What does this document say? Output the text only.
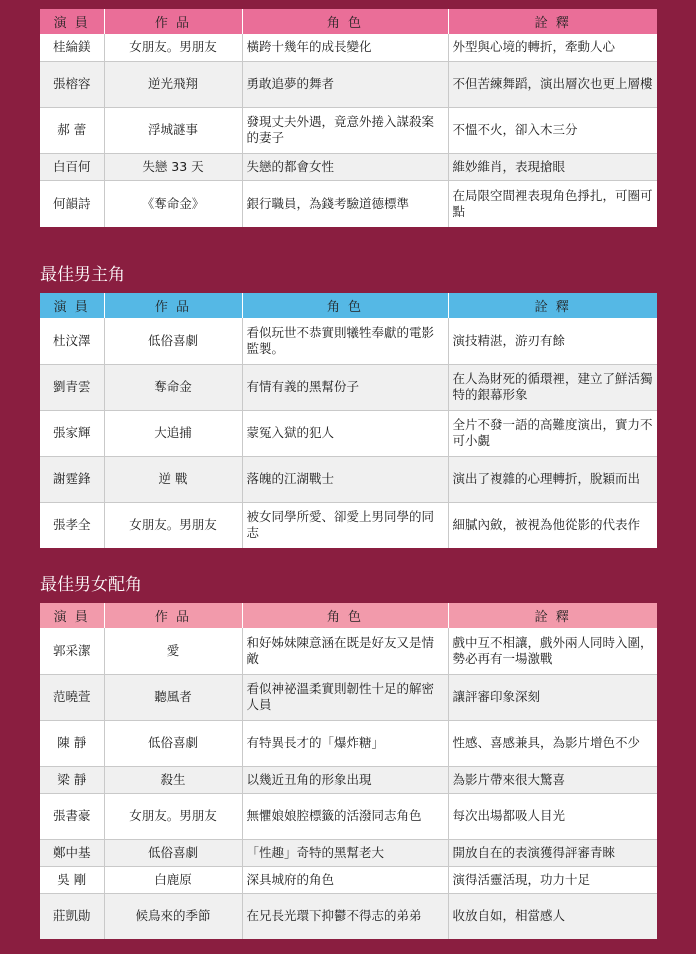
演 員	作 品	角 色	詮 釋
桂綸鎂	女朋友。男朋友	橫跨十幾年的成長變化	外型與心境的轉折，牽動人心
張榕容	逆光飛翔	勇敢追夢的舞者	不但苦練舞蹈，演出層次也更上層樓
郝 蕾	浮城謎事	發現丈夫外遇，竟意外捲入謀殺案的妻子	不慍不火，卻入木三分
白百何	失戀 33 天	失戀的都會女性	維妙維肖，表現搶眼
何韻詩	《奪命金》	銀行職員，為錢考驗道德標準	在局限空間裡表現角色掙扎，可圈可點
最佳男主角
演 員	作 品	角 色	詮 釋
杜汶澤	低俗喜劇	看似玩世不恭實則犧牲奉獻的電影監製。	演技精湛，游刃有餘
劉青雲	奪命金	有情有義的黑幫份子	在人為財死的循環裡，建立了鮮活獨特的銀幕形象
張家輝	大追捕	蒙冤入獄的犯人	全片不發一語的高難度演出，實力不可小覷
謝霆鋒	逆 戰	落魄的江湖戰士	演出了複雜的心理轉折，脫穎而出
張孝全	女朋友。男朋友	被女同學所愛、卻愛上男同學的同志	細膩內斂，被視為他從影的代表作
最佳男女配角
演 員	作 品	角 色	詮 釋
郭采潔	愛	和好姊妹陳意涵在既是好友又是情敵	戲中互不相讓，戲外兩人同時入圍，勢必再有一場激戰
范曉萱	聽風者	看似神祕溫柔實則韌性十足的解密人員	讓評審印象深刻
陳 靜	低俗喜劇	有特異長才的「爆炸糖」	性感、喜感兼具，為影片增色不少
梁 靜	殺生	以幾近丑角的形象出現	為影片帶來很大驚喜
張書豪	女朋友。男朋友	無懼娘娘腔標籤的活潑同志角色	每次出場都吸人目光
鄭中基	低俗喜劇	「性趣」奇特的黑幫老大	開放自在的表演獲得評審青睞
吳 剛	白鹿原	深具城府的角色	演得活靈活現，功力十足
莊凱勛	候鳥來的季節	在兄長光環下抑鬱不得志的弟弟	收放自如，相當感人
